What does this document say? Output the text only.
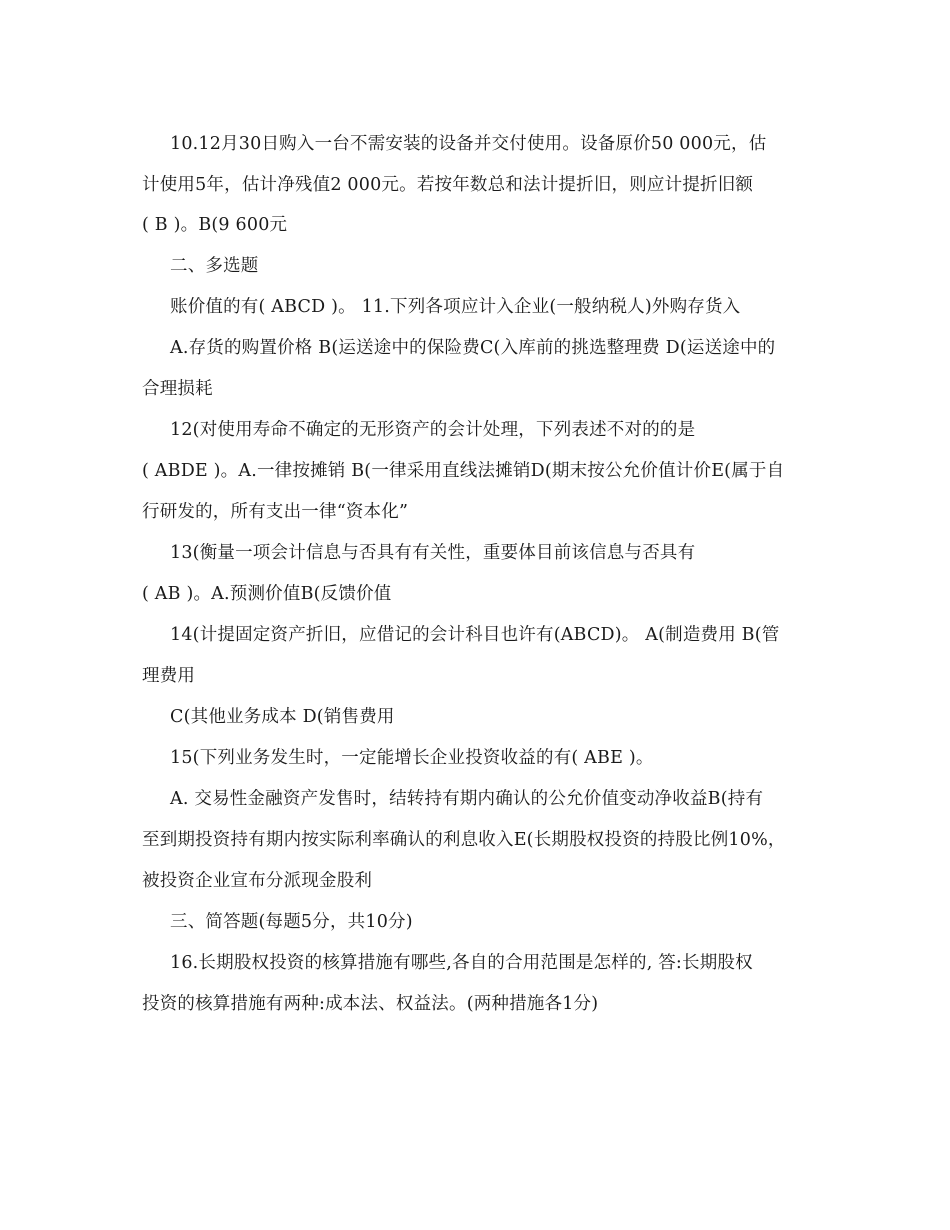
10.12月30日购入一台不需安装的设备并交付使用。设备原价50 000元，估
计使用5年，估计净残值2 000元。若按年数总和法计提折旧，则应计提折旧额
( B )。B(9 600元
二、多选题
账价值的有( ABCD )。 11.下列各项应计入企业(一般纳税人)外购存货入
A.存货的购置价格 B(运送途中的保险费C(入库前的挑选整理费 D(运送途中的
合理损耗
12(对使用寿命不确定的无形资产的会计处理，下列表述不对的的是
( ABDE )。A.一律按摊销 B(一律采用直线法摊销D(期末按公允价值计价E(属于自
行研发的，所有支出一律“资本化”
13(衡量一项会计信息与否具有有关性，重要体目前该信息与否具有
( AB )。A.预测价值B(反馈价值
14(计提固定资产折旧，应借记的会计科目也许有(ABCD)。 A(制造费用 B(管
理费用
C(其他业务成本 D(销售费用
15(下列业务发生时，一定能增长企业投资收益的有( ABE )。
A. 交易性金融资产发售时，结转持有期内确认的公允价值变动净收益B(持有
至到期投资持有期内按实际利率确认的利息收入E(长期股权投资的持股比例10%，
被投资企业宣布分派现金股利
三、简答题(每题5分，共10分)
16.长期股权投资的核算措施有哪些,各自的合用范围是怎样的, 答:长期股权
投资的核算措施有两种:成本法、权益法。(两种措施各1分)
